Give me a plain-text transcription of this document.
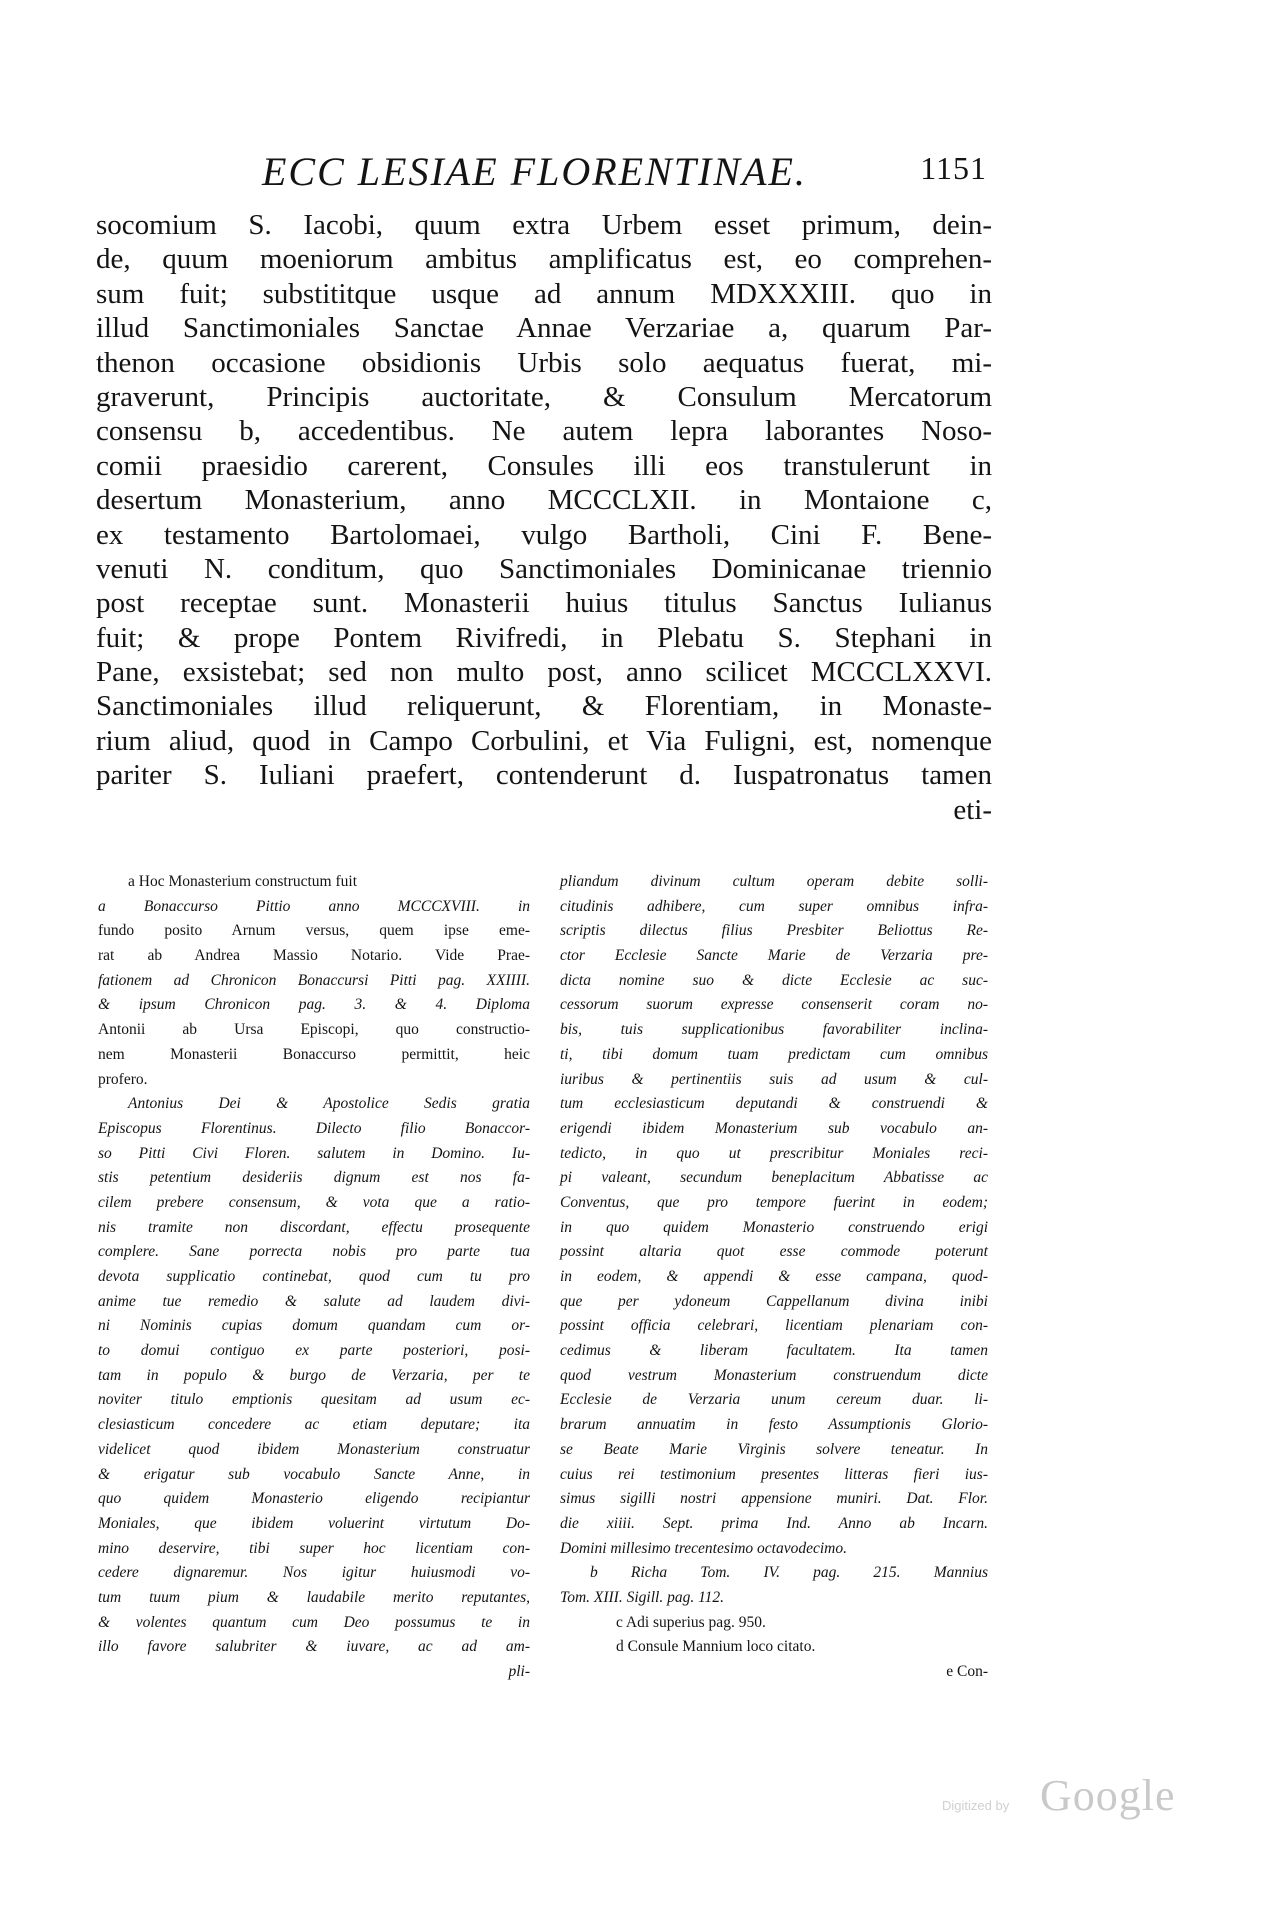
ECC LESIAE FLORENTINAE.	1151
socomium S. Iacobi, quum extra Urbem esset primum, dein-
de, quum moeniorum ambitus amplificatus est, eo comprehen-
sum fuit; substititque usque ad annum MDXXXIII. quo in
illud Sanctimoniales Sanctae Annae Verzariae a, quarum Par-
thenon occasione obsidionis Urbis solo aequatus fuerat, mi-
graverunt, Principis auctoritate, & Consulum Mercatorum
consensu b, accedentibus. Ne autem lepra laborantes Noso-
comii praesidio carerent, Consules illi eos transtulerunt in
desertum Monasterium, anno MCCCLXII. in Montaione c,
ex testamento Bartolomaei, vulgo Bartholi, Cini F. Bene-
venuti N. conditum, quo Sanctimoniales Dominicanae triennio
post receptae sunt. Monasterii huius titulus Sanctus Iulianus
fuit; & prope Pontem Rivifredi, in Plebatu S. Stephani in
Pane, exsistebat; sed non multo post, anno scilicet MCCCLXXVI.
Sanctimoniales illud reliquerunt, & Florentiam, in Monaste-
rium aliud, quod in Campo Corbulini, et Via Fuligni, est, nomenque
pariter S. Iuliani praefert, contenderunt d. Iuspatronatus tamen
eti-
a Hoc Monasterium constructum fuit
a Bonaccurso Pittio anno MCCCXVIII. in
fundo posito Arnum versus, quem ipse eme-
rat ab Andrea Massio Notario. Vide Prae-
fationem ad Chronicon Bonaccursi Pitti pag. XXIIII.
& ipsum Chronicon pag. 3. & 4. Diploma
Antonii ab Ursa Episcopi, quo constructio-
nem Monasterii Bonaccurso permittit, heic
profero.
Antonius Dei & Apostolice Sedis gratia
Episcopus Florentinus. Dilecto filio Bonaccor-
so Pitti Civi Floren. salutem in Domino. Iu-
stis petentium desideriis dignum est nos fa-
cilem prebere consensum, & vota que a ratio-
nis tramite non discordant, effectu prosequente
complere. Sane porrecta nobis pro parte tua
devota supplicatio continebat, quod cum tu pro
anime tue remedio & salute ad laudem divi-
ni Nominis cupias domum quandam cum or-
to domui contiguo ex parte posteriori, posi-
tam in populo & burgo de Verzaria, per te
noviter titulo emptionis quesitam ad usum ec-
clesiasticum concedere ac etiam deputare; ita
videlicet quod ibidem Monasterium construatur
& erigatur sub vocabulo Sancte Anne, in
quo quidem Monasterio eligendo recipiantur
Moniales, que ibidem voluerint virtutum Do-
mino deservire, tibi super hoc licentiam con-
cedere dignaremur. Nos igitur huiusmodi vo-
tum tuum pium & laudabile merito reputantes,
& volentes quantum cum Deo possumus te in
illo favore salubriter & iuvare, ac ad am-
pli-
pliandum divinum cultum operam debite solli-
citudinis adhibere, cum super omnibus infra-
scriptis dilectus filius Presbiter Beliottus Re-
ctor Ecclesie Sancte Marie de Verzaria pre-
dicta nomine suo & dicte Ecclesie ac suc-
cessorum suorum expresse consenserit coram no-
bis, tuis supplicationibus favorabiliter inclina-
ti, tibi domum tuam predictam cum omnibus
iuribus & pertinentiis suis ad usum & cul-
tum ecclesiasticum deputandi & construendi &
erigendi ibidem Monasterium sub vocabulo an-
tedicto, in quo ut prescribitur Moniales reci-
pi valeant, secundum beneplacitum Abbatisse ac
Conventus, que pro tempore fuerint in eodem;
in quo quidem Monasterio construendo erigi
possint altaria quot esse commode poterunt
in eodem, & appendi & esse campana, quod-
que per ydoneum Cappellanum divina inibi
possint officia celebrari, licentiam plenariam con-
cedimus & liberam facultatem. Ita tamen
quod vestrum Monasterium construendum dicte
Ecclesie de Verzaria unum cereum duar. li-
brarum annuatim in festo Assumptionis Glorio-
se Beate Marie Virginis solvere teneatur. In
cuius rei testimonium presentes litteras fieri ius-
simus sigilli nostri appensione muniri. Dat. Flor.
die xiiii. Sept. prima Ind. Anno ab Incarn.
Domini millesimo trecentesimo octavodecimo.
b Richa Tom. IV. pag. 215. Mannius
Tom. XIII. Sigill. pag. 112.
c Adi superius pag. 950.
d Consule Mannium loco citato.
e Con-
Digitized by Google
